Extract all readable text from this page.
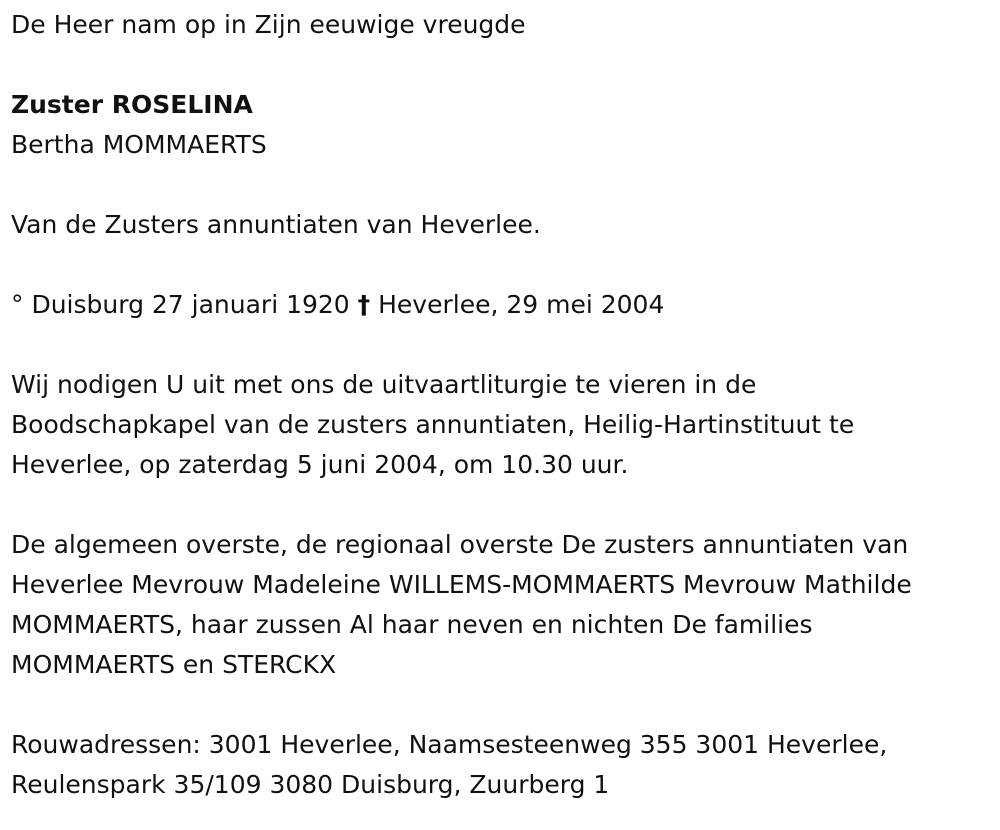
De Heer nam op in Zijn eeuwige vreugde

Zuster ROSELINA

Bertha MOMMAERTS

Van de Zusters annuntiaten van Heverlee.

° Duisburg 27 januari 1920 † Heverlee, 29 mei 2004

Wij nodigen U uit met ons de uitvaartliturgie te vieren in de

Boodschapkapel van de zusters annuntiaten, Heilig-Hartinstituut te

Heverlee, op zaterdag 5 juni 2004, om 10.30 uur.

De algemeen overste, de regionaal overste De zusters annuntiaten van

Heverlee Mevrouw Madeleine WILLEMS-MOMMAERTS Mevrouw Mathilde

MOMMAERTS, haar zussen Al haar neven en nichten De families

MOMMAERTS en STERCKX

Rouwadressen: 3001 Heverlee, Naamsesteenweg 355 3001 Heverlee,

Reulenspark 35/109 3080 Duisburg, Zuurberg 1
